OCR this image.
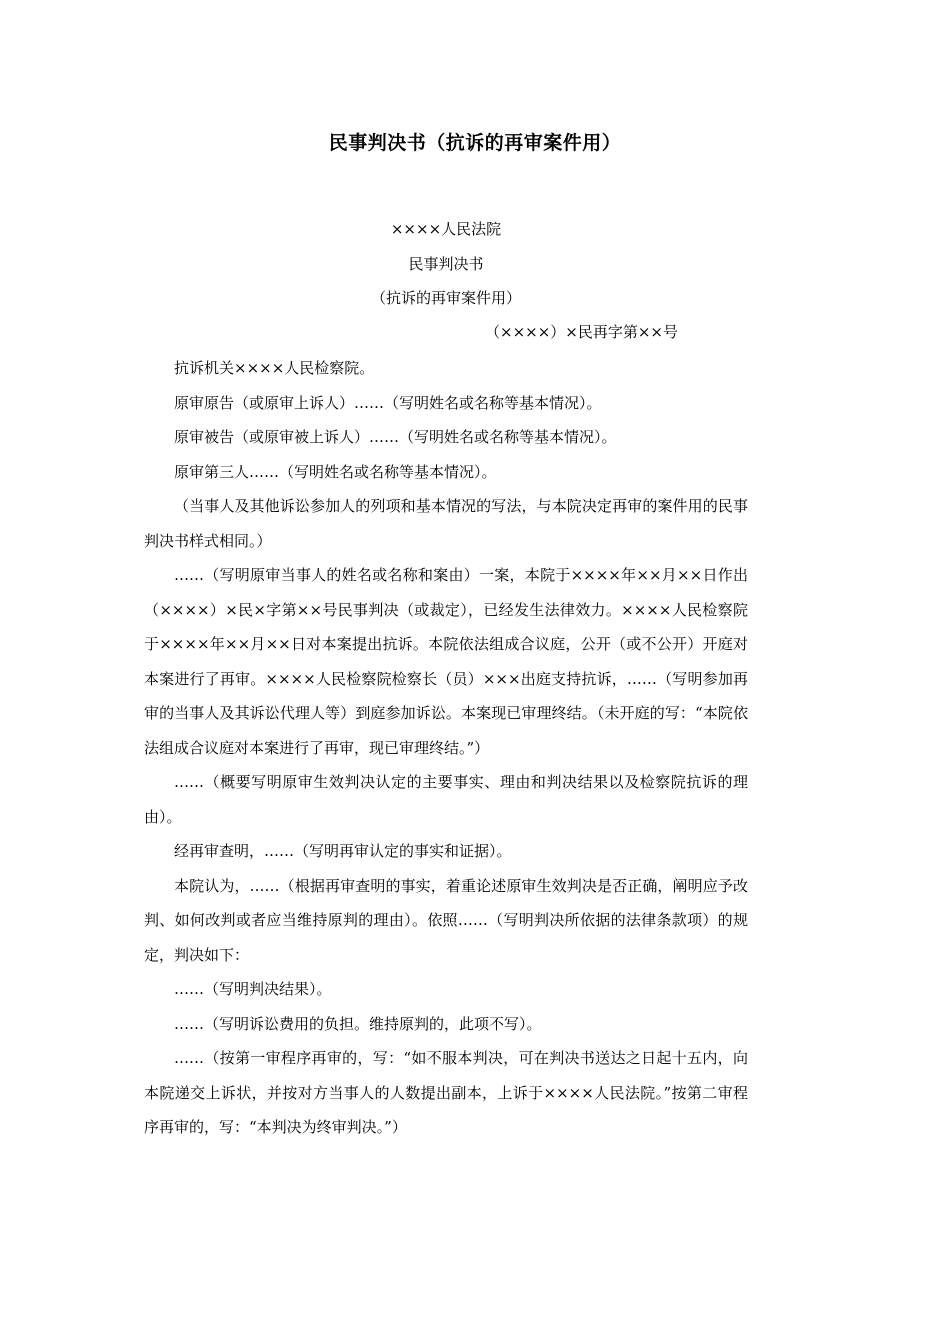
民事判决书（抗诉的再审案件用）
××××人民法院
民事判决书
（抗诉的再审案件用）
（××××）×民再字第××号

抗诉机关××××人民检察院。

原审原告（或原审上诉人）……（写明姓名或名称等基本情况）。

原审被告（或原审被上诉人）……（写明姓名或名称等基本情况）。

原审第三人……（写明姓名或名称等基本情况）。

（当事人及其他诉讼参加人的列项和基本情况的写法，与本院决定再审的案件用的民事判决书样式相同。）

……（写明原审当事人的姓名或名称和案由）一案，本院于××××年××月××日作出（××××）×民×字第××号民事判决（或裁定），已经发生法律效力。××××人民检察院于××××年××月××日对本案提出抗诉。本院依法组成合议庭，公开（或不公开）开庭对本案进行了再审。××××人民检察院检察长（员）×××出庭支持抗诉，……（写明参加再审的当事人及其诉讼代理人等）到庭参加诉讼。本案现已审理终结。（未开庭的写：“本院依法组成合议庭对本案进行了再审，现已审理终结。”）

……（概要写明原审生效判决认定的主要事实、理由和判决结果以及检察院抗诉的理由）。

经再审查明，……（写明再审认定的事实和证据）。

本院认为，……（根据再审查明的事实，着重论述原审生效判决是否正确，阐明应予改判、如何改判或者应当维持原判的理由）。依照……（写明判决所依据的法律条款项）的规定，判决如下：

……（写明判决结果）。

……（写明诉讼费用的负担。维持原判的，此项不写）。

……（按第一审程序再审的，写：“如不服本判决，可在判决书送达之日起十五内，向本院递交上诉状，并按对方当事人的人数提出副本，上诉于××××人民法院。”按第二审程序再审的，写：“本判决为终审判决。”）
